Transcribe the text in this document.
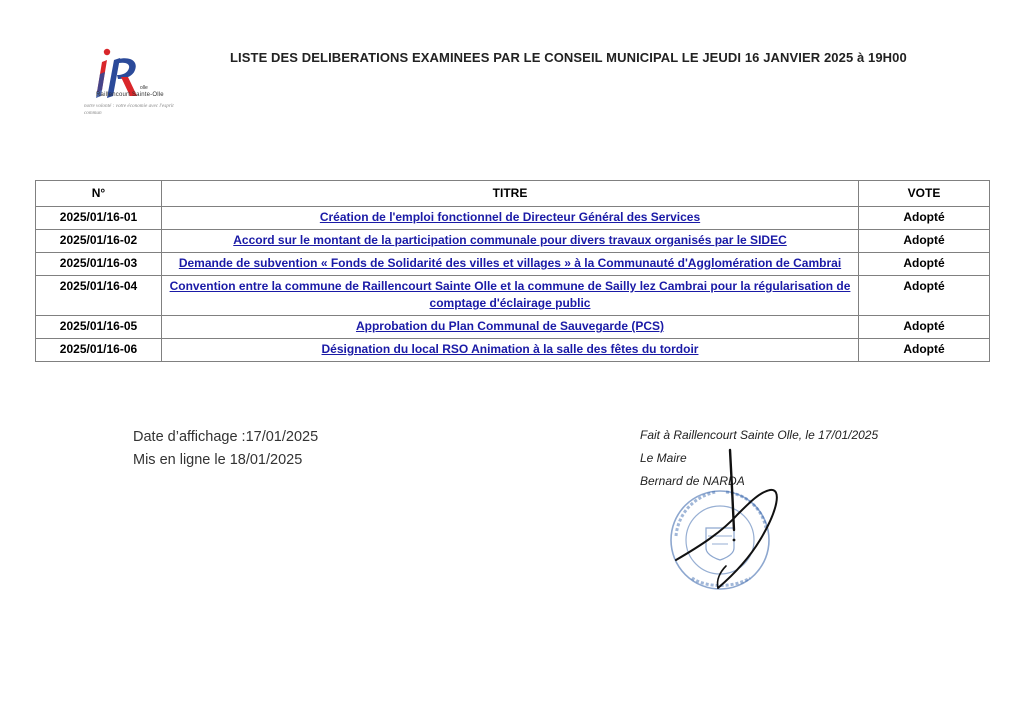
olle
Raillencourt Sainte-Olle
notre volonté : votre économie avec l'esprit commun
LISTE DES DELIBERATIONS EXAMINEES PAR LE CONSEIL MUNICIPAL LE JEUDI 16 JANVIER 2025 à 19H00
N°	TITRE	VOTE
2025/01/16-01	Création de l'emploi fonctionnel de Directeur Général des Services	Adopté
2025/01/16-02	Accord sur le montant de la participation communale pour divers travaux organisés par le SIDEC	Adopté
2025/01/16-03	Demande de subvention « Fonds de Solidarité des villes et villages » à la Communauté d'Agglomération de Cambrai	Adopté
2025/01/16-04	Convention entre la commune de Raillencourt Sainte Olle et la commune de Sailly lez Cambrai pour la régularisation de comptage d'éclairage public	Adopté
2025/01/16-05	Approbation du Plan Communal de Sauvegarde (PCS)	Adopté
2025/01/16-06	Désignation du local RSO Animation à la salle des fêtes du tordoir	Adopté
Date d’affichage :17/01/2025
Mis en ligne le 18/01/2025
Fait à Raillencourt Sainte Olle, le 17/01/2025
Le Maire
Bernard de NARDA
